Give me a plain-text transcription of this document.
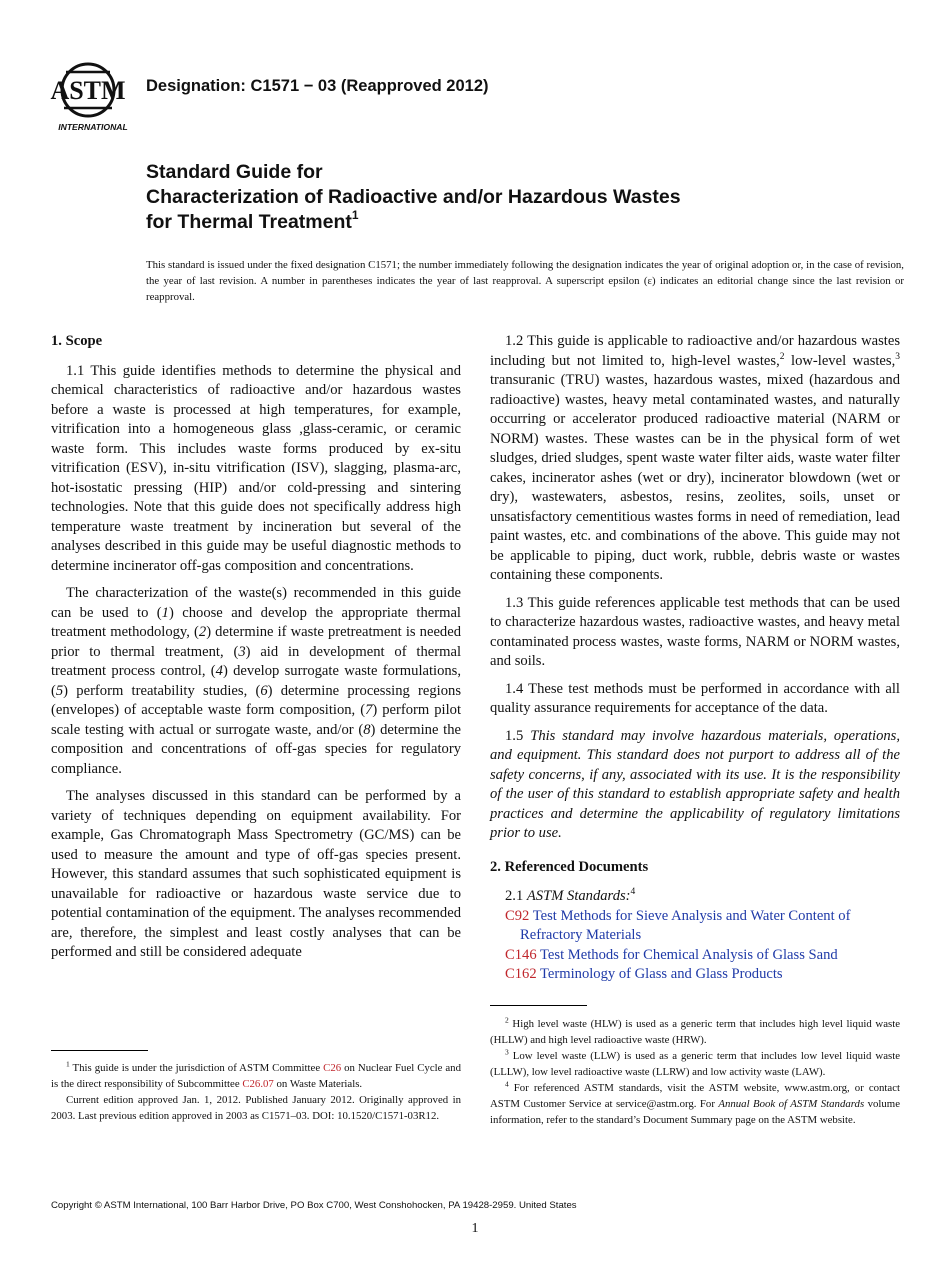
ASTM
INTERNATIONAL
Designation: C1571 − 03 (Reapproved 2012)
Standard Guide for
Characterization of Radioactive and/or Hazardous Wastes
for Thermal Treatment$^1$
This standard is issued under the fixed designation C1571; the number immediately following the designation indicates the year of original adoption or, in the case of revision, the year of last revision. A number in parentheses indicates the year of last reapproval. A superscript epsilon (ε) indicates an editorial change since the last revision or reapproval.
1. Scope

1.1 This guide identifies methods to determine the physical and chemical characteristics of radioactive and/or hazardous wastes before a waste is processed at high temperatures, for example, vitrification into a homogeneous glass ,glass-ceramic, or ceramic waste form. This includes waste forms produced by ex-situ vitrification (ESV), in-situ vitrification (ISV), slagging, plasma-arc, hot-isostatic pressing (HIP) and/or cold-pressing and sintering technologies. Note that this guide does not specifically address high temperature waste treatment by incineration but several of the analyses described in this guide may be useful diagnostic methods to determine incinerator off-gas composition and concentrations.

The characterization of the waste(s) recommended in this guide can be used to (1) choose and develop the appropriate thermal treatment methodology, (2) determine if waste pretreatment is needed prior to thermal treatment, (3) aid in development of thermal treatment process control, (4) develop surrogate waste formulations, (5) perform treatability studies, (6) determine processing regions (envelopes) of acceptable waste form composition, (7) perform pilot scale testing with actual or surrogate waste, and/or (8) determine the composition and concentrations of off-gas species for regulatory compliance.

The analyses discussed in this standard can be performed by a variety of techniques depending on equipment availability. For example, Gas Chromatograph Mass Spectrometry (GC/MS) can be used to measure the amount and type of off-gas species present. However, this standard assumes that such sophisticated equipment is unavailable for radioactive or hazardous waste service due to potential contamination of the equipment. The analyses recommended are, therefore, the simplest and least costly analyses that can be performed and still be considered adequate

1.2 This guide is applicable to radioactive and/or hazardous wastes including but not limited to, high-level wastes,$^2$ low-level wastes,$^3$ transuranic (TRU) wastes, hazardous wastes, mixed (hazardous and radioactive) wastes, heavy metal contaminated wastes, and naturally occurring or accelerator produced radioactive material (NARM or NORM) wastes. These wastes can be in the physical form of wet sludges, dried sludges, spent waste water filter aids, waste water filter cakes, incinerator ashes (wet or dry), incinerator blowdown (wet or dry), wastewaters, asbestos, resins, zeolites, soils, unset or unsatisfactory cementitious wastes forms in need of remediation, lead paint wastes, etc. and combinations of the above. This guide may not be applicable to piping, duct work, rubble, debris waste or wastes containing these components.

1.3 This guide references applicable test methods that can be used to characterize hazardous wastes, radioactive wastes, and heavy metal contaminated process wastes, waste forms, NARM or NORM wastes, and soils.

1.4 These test methods must be performed in accordance with all quality assurance requirements for acceptance of the data.

1.5 This standard may involve hazardous materials, operations, and equipment. This standard does not purport to address all of the safety concerns, if any, associated with its use. It is the responsibility of the user of this standard to establish appropriate safety and health practices and determine the applicability of regulatory limitations prior to use.

2. Referenced Documents

2.1 ASTM Standards:$^4$

C92 Test Methods for Sieve Analysis and Water Content of Refractory Materials
C146 Test Methods for Chemical Analysis of Glass Sand
C162 Terminology of Glass and Glass Products

$^1$ This guide is under the jurisdiction of ASTM Committee C26 on Nuclear Fuel Cycle and is the direct responsibility of Subcommittee C26.07 on Waste Materials.

Current edition approved Jan. 1, 2012. Published January 2012. Originally approved in 2003. Last previous edition approved in 2003 as C1571–03. DOI: 10.1520/C1571-03R12.

$^2$ High level waste (HLW) is used as a generic term that includes high level liquid waste (HLLW) and high level radioactive waste (HRW).

$^3$ Low level waste (LLW) is used as a generic term that includes low level liquid waste (LLLW), low level radioactive waste (LLRW) and low activity waste (LAW).

$^4$ For referenced ASTM standards, visit the ASTM website, www.astm.org, or contact ASTM Customer Service at service@astm.org. For Annual Book of ASTM Standards volume information, refer to the standard’s Document Summary page on the ASTM website.

Copyright © ASTM International, 100 Barr Harbor Drive, PO Box C700, West Conshohocken, PA 19428-2959. United States
1
